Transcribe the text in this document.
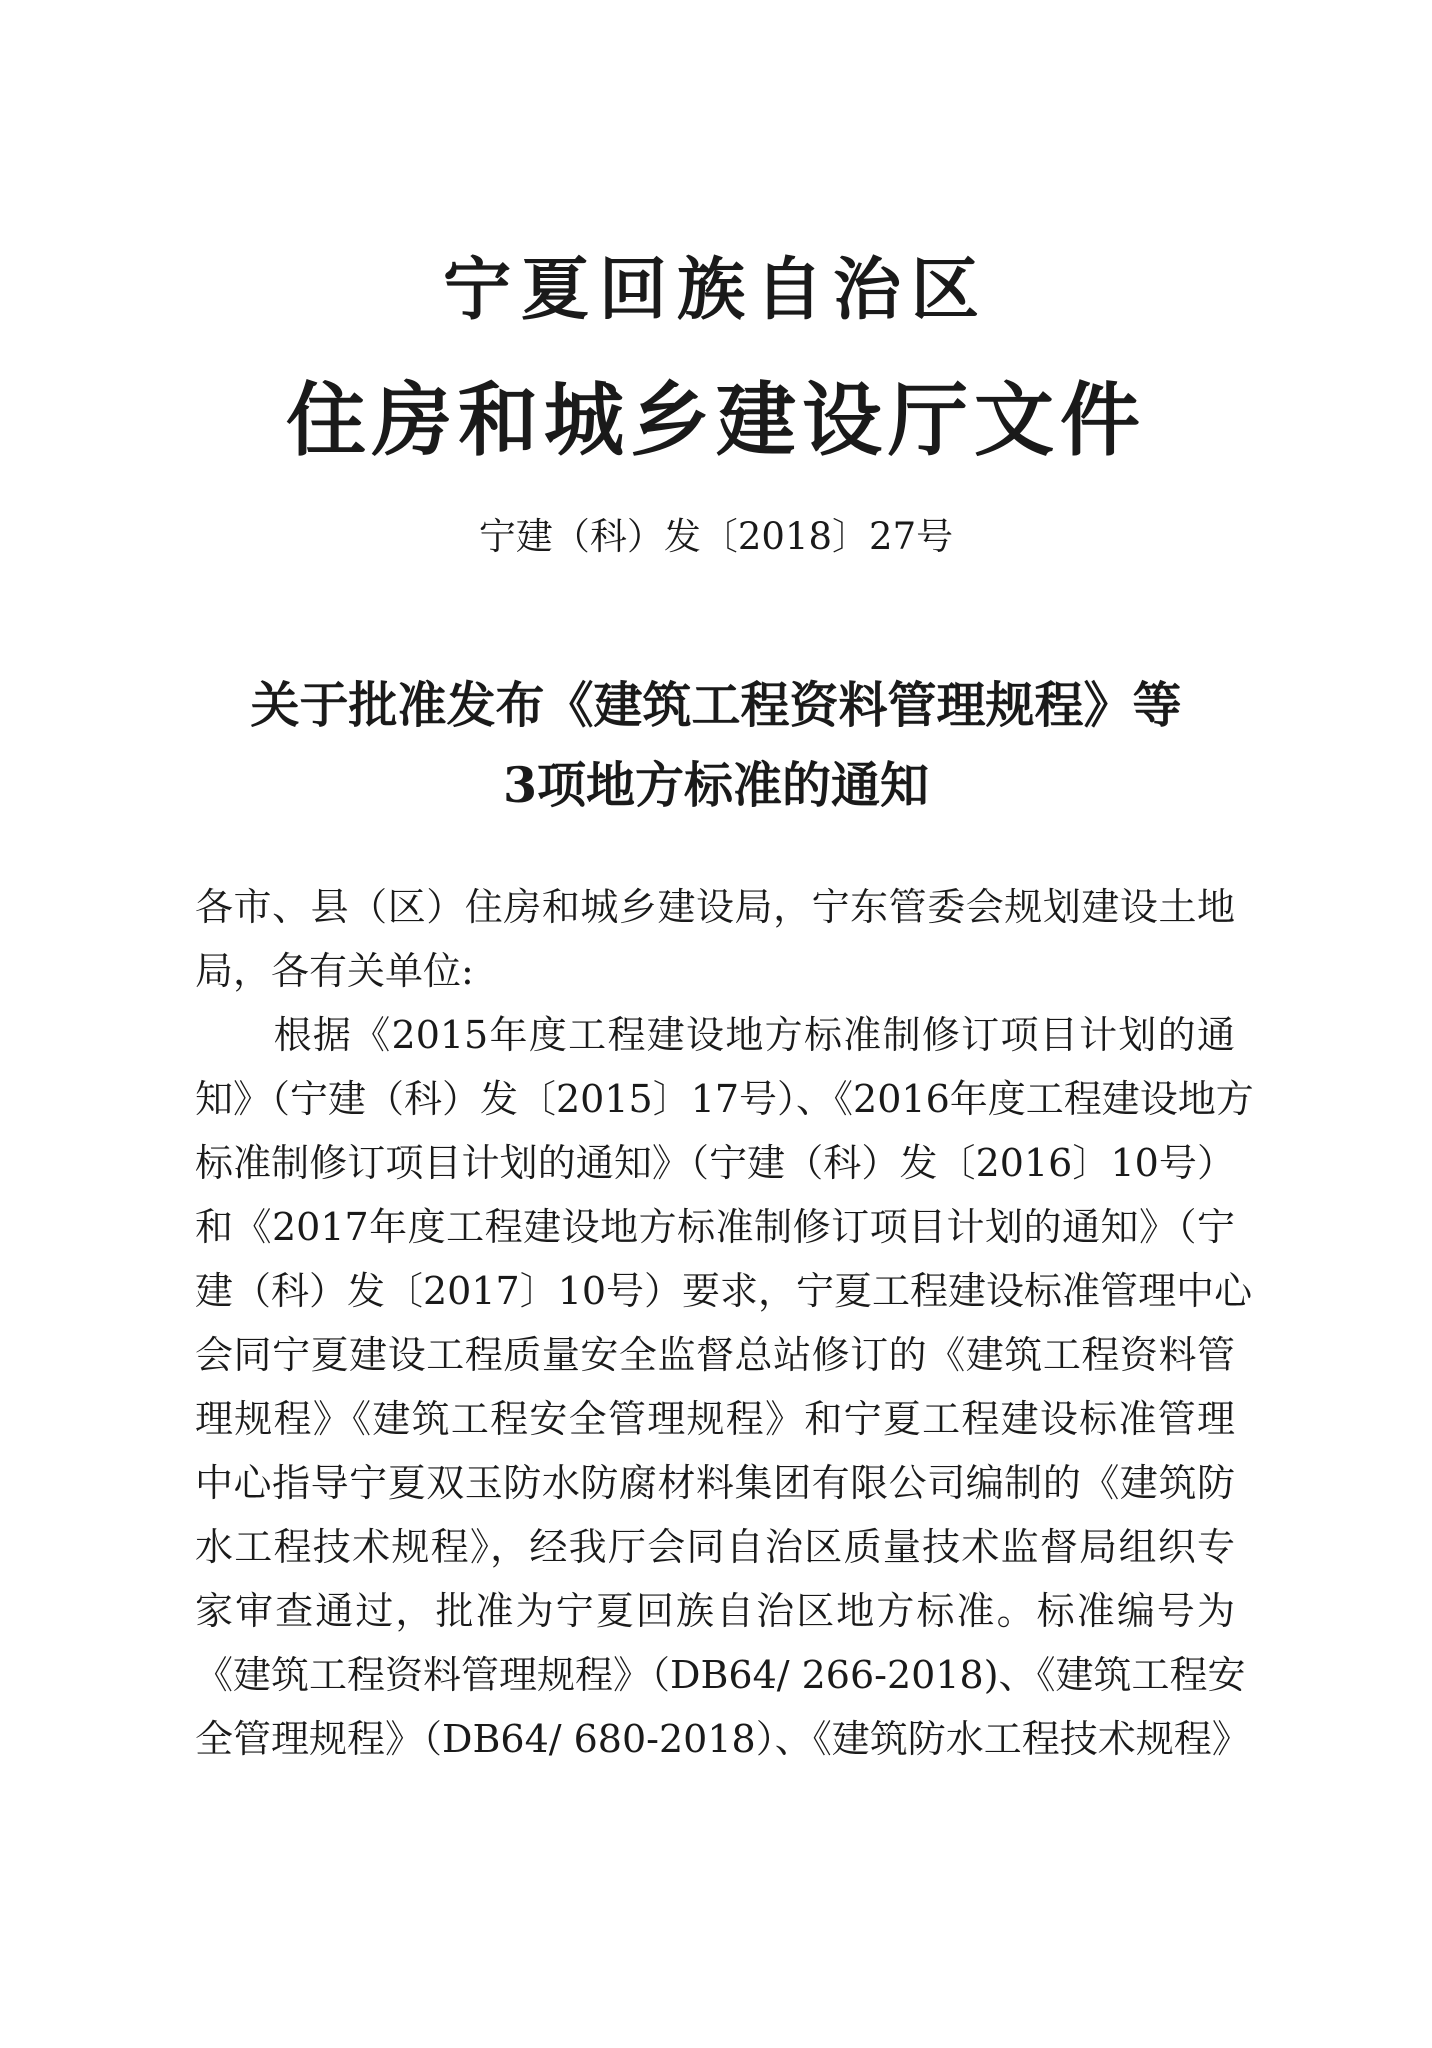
宁夏回族自治区
住房和城乡建设厅文件
宁建（科）发〔2018〕27号
关于批准发布《建筑工程资料管理规程》等
3项地方标准的通知
各市、县（区）住房和城乡建设局，宁东管委会规划建设土地
局，各有关单位:
　　根据《2015年度工程建设地方标准制修订项目计划的通
知》（宁建（科）发〔2015〕17号）、《2016年度工程建设地方
标准制修订项目计划的通知》（宁建（科）发〔2016〕10号）
和《2017年度工程建设地方标准制修订项目计划的通知》（宁
建（科）发〔2017〕10号）要求，宁夏工程建设标准管理中心
会同宁夏建设工程质量安全监督总站修订的《建筑工程资料管
理规程》《建筑工程安全管理规程》和宁夏工程建设标准管理
中心指导宁夏双玉防水防腐材料集团有限公司编制的《建筑防
水工程技术规程》，经我厅会同自治区质量技术监督局组织专
家审查通过，批准为宁夏回族自治区地方标准。标准编号为
《建筑工程资料管理规程》（DB64/ 266-2018)、《建筑工程安
全管理规程》（DB64/ 680-2018）、《建筑防水工程技术规程》
